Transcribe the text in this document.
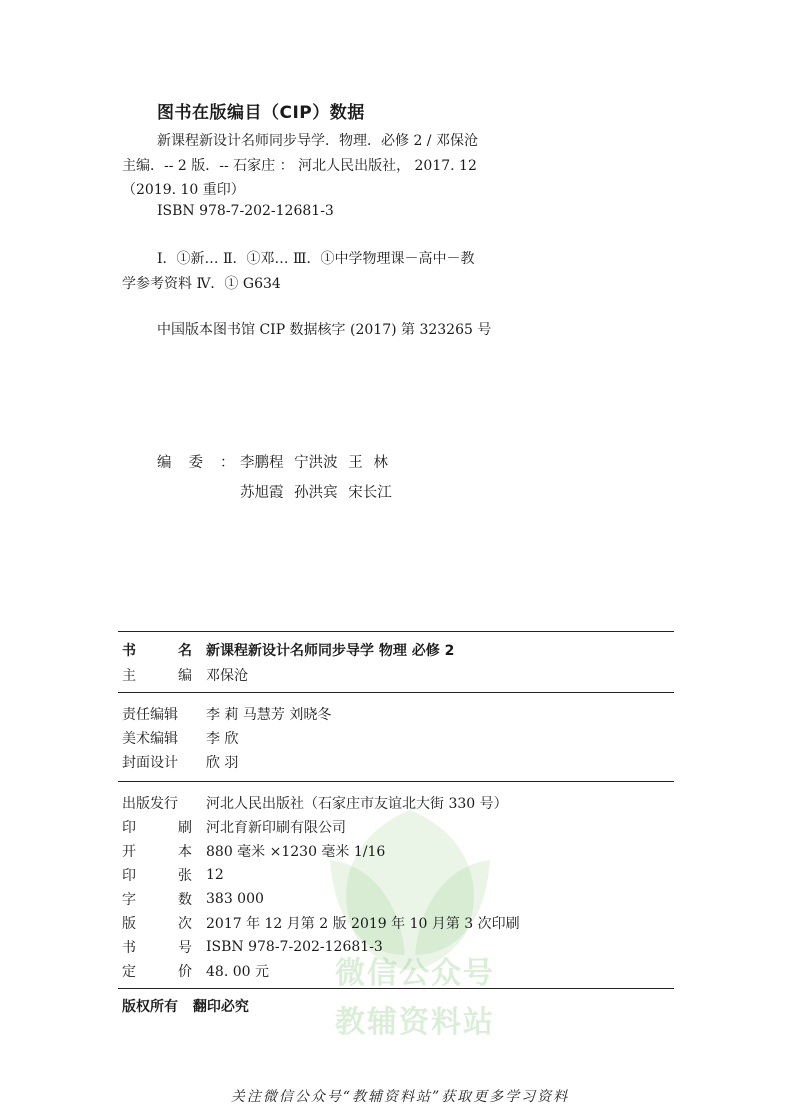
图书在版编目（CIP）数据
新课程新设计名师同步导学．物理．必修 2 / 邓保沧
主编．-- 2 版．-- 石家庄 ： 河北人民出版社， 2017. 12
（2019. 10 重印）
ISBN 978-7-202-12681-3
Ⅰ．①新… Ⅱ．①邓… Ⅲ．①中学物理课－高中－教
学参考资料 Ⅳ．① G634
中国版本图书馆 CIP 数据核字 (2017) 第 323265 号
编委：
李鹏程 宁洪波 王 林
苏旭霞 孙洪宾 宋长江
微信公众号
教辅资料站
书名 新课程新设计名师同步导学 物理 必修 2
主编 邓保沧
责任编辑	李 莉 马慧芳 刘晓冬
美术编辑	李 欣
封面设计	欣 羽
出版发行	河北人民出版社（石家庄市友谊北大街 330 号）
印刷 河北育新印刷有限公司
开本 880 毫米 ×1230 毫米 1/16
印张 12
字数 383 000
版次 2017 年 12 月第 2 版 2019 年 10 月第 3 次印刷
书号 ISBN 978-7-202-12681-3
定价 48. 00 元
版权所有 翻印必究
关注微信公众号“教辅资料站”获取更多学习资料
